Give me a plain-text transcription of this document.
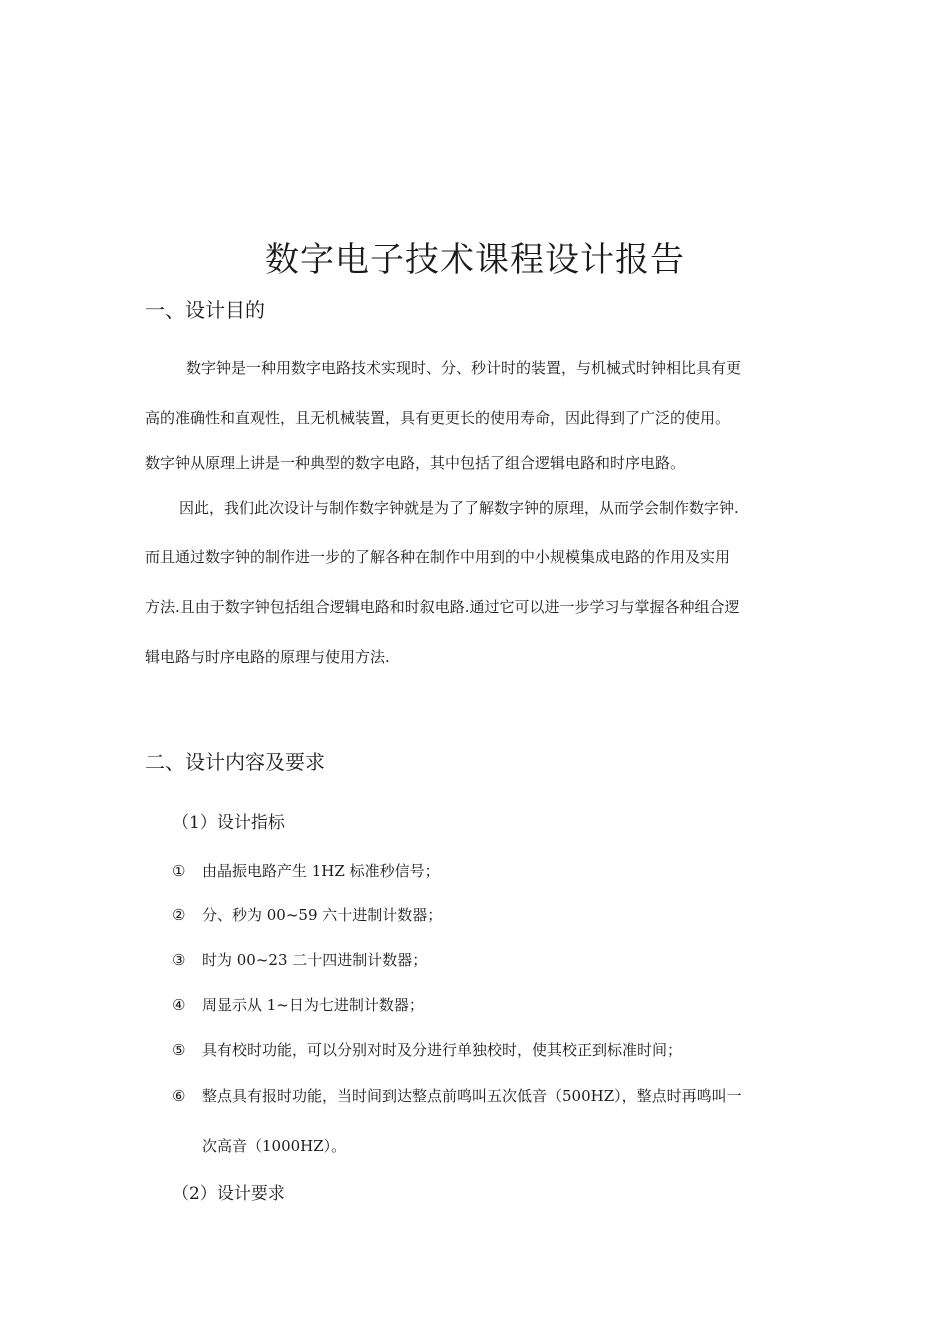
数字电子技术课程设计报告
一、设计目的

数字钟是一种用数字电路技术实现时、分、秒计时的装置，与机械式时钟相比具有更

高的准确性和直观性，且无机械装置，具有更更长的使用寿命，因此得到了广泛的使用。

数字钟从原理上讲是一种典型的数字电路，其中包括了组合逻辑电路和时序电路。

因此，我们此次设计与制作数字钟就是为了了解数字钟的原理，从而学会制作数字钟.

而且通过数字钟的制作进一步的了解各种在制作中用到的中小规模集成电路的作用及实用

方法.且由于数字钟包括组合逻辑电路和时叙电路.通过它可以进一步学习与掌握各种组合逻

辑电路与时序电路的原理与使用方法.

二、设计内容及要求

（1）设计指标

① 由晶振电路产生 1HZ 标准秒信号；
② 分、秒为 00~59 六十进制计数器；
③ 时为 00~23 二十四进制计数器；
④ 周显示从 1~日为七进制计数器；
⑤ 具有校时功能，可以分别对时及分进行单独校时，使其校正到标准时间；
⑥ 整点具有报时功能，当时间到达整点前鸣叫五次低音（500HZ），整点时再鸣叫一
次高音（1000HZ）。

（2）设计要求
